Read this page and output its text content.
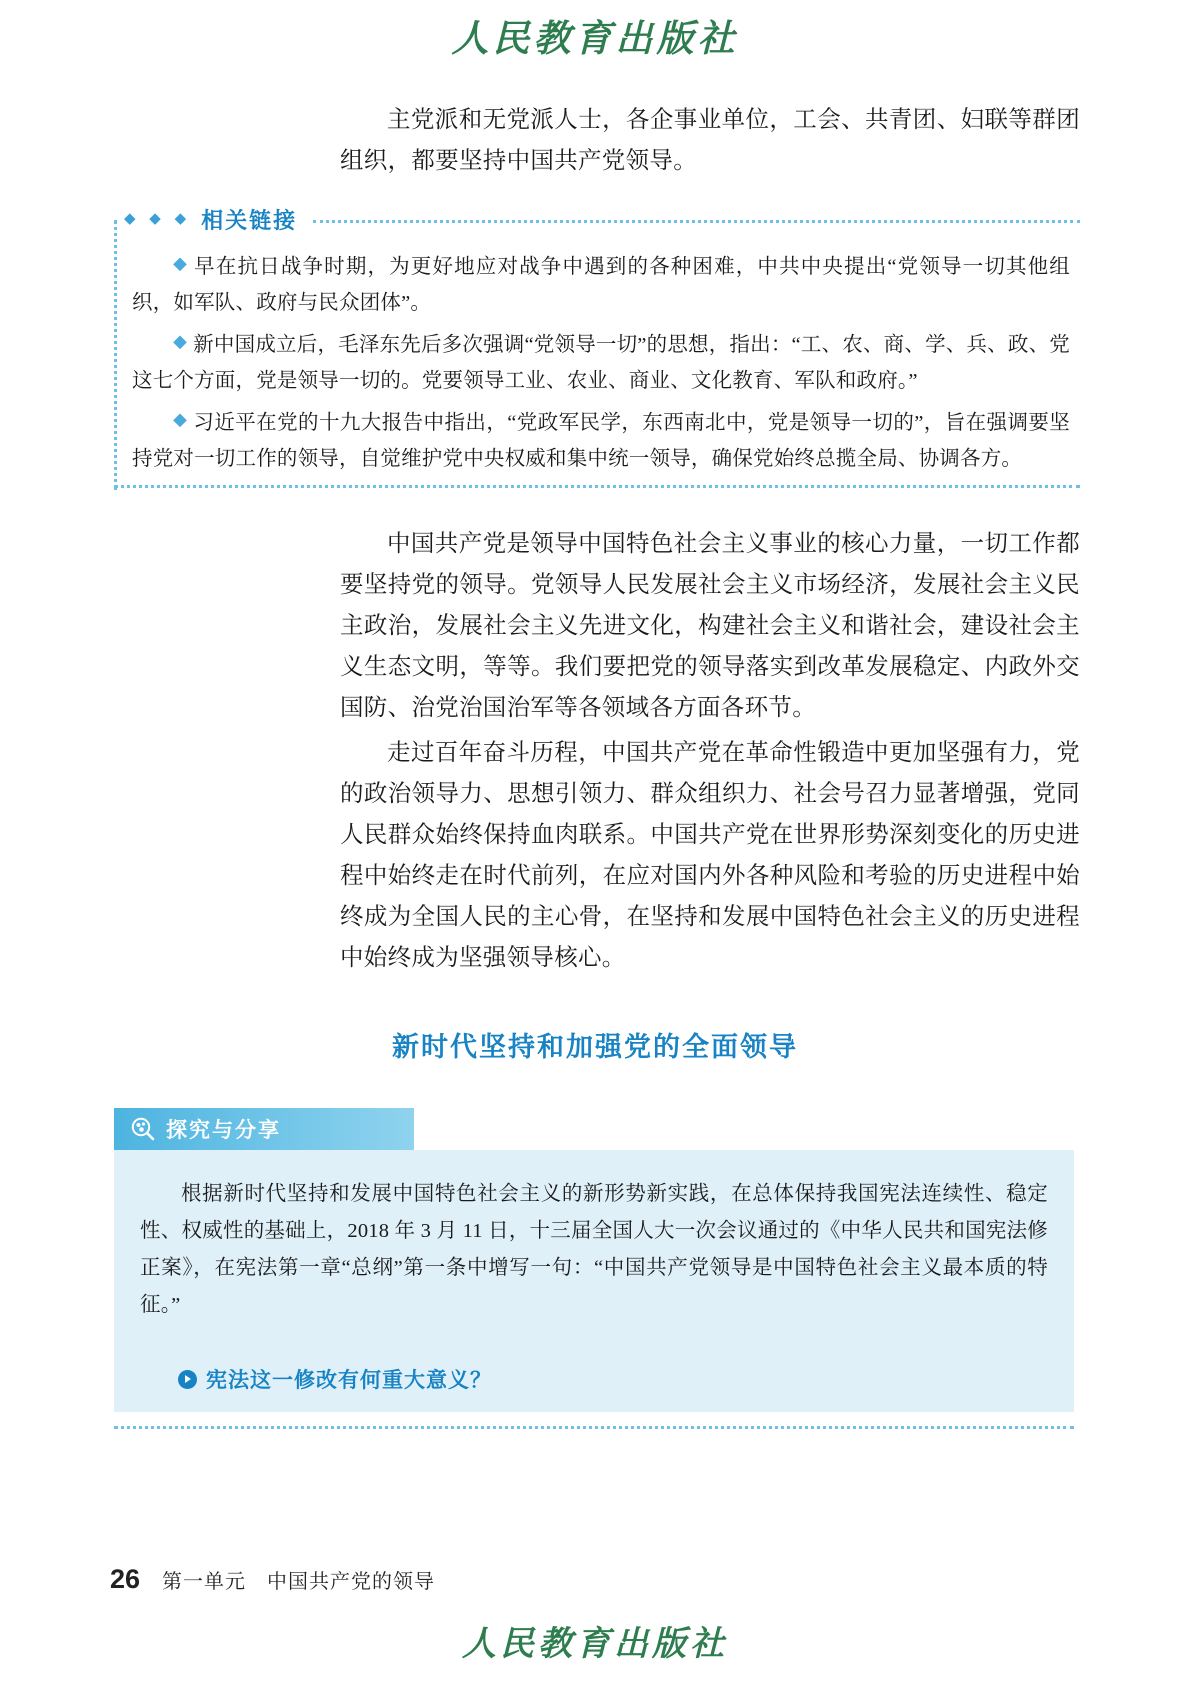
人民教育出版社

主党派和无党派人士，各企事业单位，工会、共青团、妇联等群团组织，都要坚持中国共产党领导。

◆ ◆ ◆ 相关链接

◆ 早在抗日战争时期，为更好地应对战争中遇到的各种困难，中共中央提出“党领导一切其他组织，如军队、政府与民众团体”。

◆ 新中国成立后，毛泽东先后多次强调“党领导一切”的思想，指出：“工、农、商、学、兵、政、党这七个方面，党是领导一切的。党要领导工业、农业、商业、文化教育、军队和政府。”

◆ 习近平在党的十九大报告中指出，“党政军民学，东西南北中，党是领导一切的”，旨在强调要坚持党对一切工作的领导，自觉维护党中央权威和集中统一领导，确保党始终总揽全局、协调各方。

中国共产党是领导中国特色社会主义事业的核心力量，一切工作都要坚持党的领导。党领导人民发展社会主义市场经济，发展社会主义民主政治，发展社会主义先进文化，构建社会主义和谐社会，建设社会主义生态文明，等等。我们要把党的领导落实到改革发展稳定、内政外交国防、治党治国治军等各领域各方面各环节。

走过百年奋斗历程，中国共产党在革命性锻造中更加坚强有力，党的政治领导力、思想引领力、群众组织力、社会号召力显著增强，党同人民群众始终保持血肉联系。中国共产党在世界形势深刻变化的历史进程中始终走在时代前列，在应对国内外各种风险和考验的历史进程中始终成为全国人民的主心骨，在坚持和发展中国特色社会主义的历史进程中始终成为坚强领导核心。

新时代坚持和加强党的全面领导
探究与分享

根据新时代坚持和发展中国特色社会主义的新形势新实践，在总体保持我国宪法连续性、稳定性、权威性的基础上，2018 年 3 月 11 日，十三届全国人大一次会议通过的《中华人民共和国宪法修正案》，在宪法第一章“总纲”第一条中增写一句：“中国共产党领导是中国特色社会主义最本质的特征。”

宪法这一修改有何重大意义？
26 第一单元　中国共产党的领导
人民教育出版社
